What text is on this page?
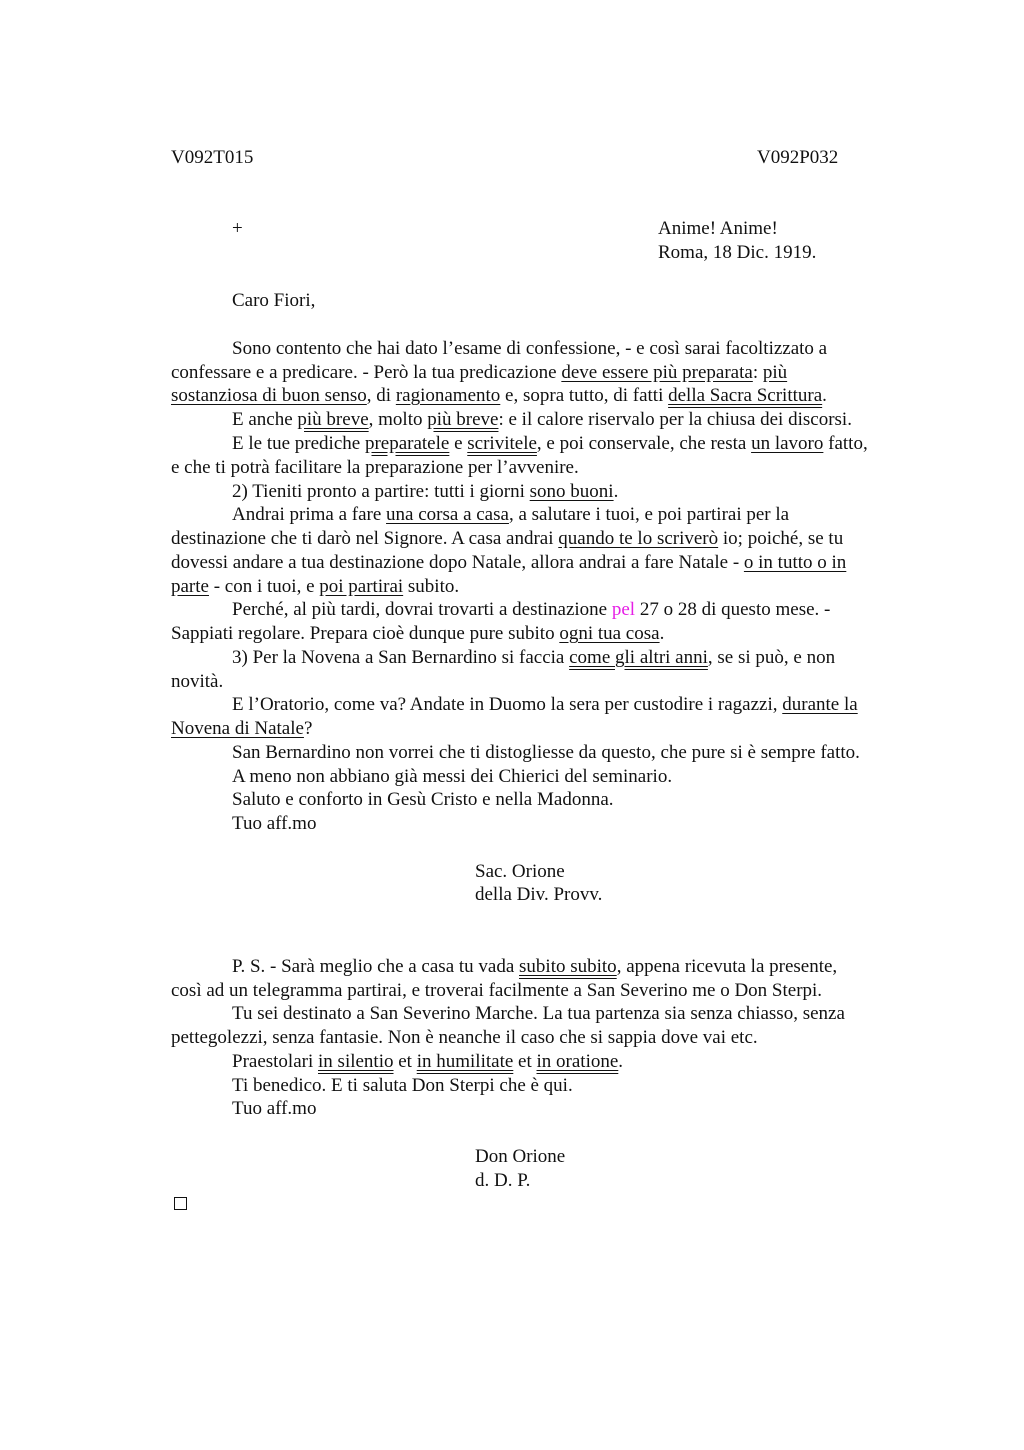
V092T015	V092P032
+	Anime! Anime!
Roma, 18 Dic. 1919.
Caro Fiori,
Sono contento che hai dato l’esame di confessione, - e così sarai facoltizzato a
confessare e a predicare. - Però la tua predicazione deve essere più preparata: più
sostanziosa di buon senso, di ragionamento e, sopra tutto, di fatti della Sacra Scrittura.
E anche più breve, molto più breve: e il calore riservalo per la chiusa dei discorsi.
E le tue prediche preparatele e scrivitele, e poi conservale, che resta un lavoro fatto,
e che ti potrà facilitare la preparazione per l’avvenire.
2) Tieniti pronto a partire: tutti i giorni sono buoni.
Andrai prima a fare una corsa a casa, a salutare i tuoi, e poi partirai per la
destinazione che ti darò nel Signore. A casa andrai quando te lo scriverò io; poiché, se tu
dovessi andare a tua destinazione dopo Natale, allora andrai a fare Natale - o in tutto o in
parte - con i tuoi, e poi partirai subito.
Perché, al più tardi, dovrai trovarti a destinazione pel 27 o 28 di questo mese. -
Sappiati regolare. Prepara cioè dunque pure subito ogni tua cosa.
3) Per la Novena a San Bernardino si faccia come gli altri anni, se si può, e non
novità.
E l’Oratorio, come va? Andate in Duomo la sera per custodire i ragazzi, durante la
Novena di Natale?
San Bernardino non vorrei che ti distogliesse da questo, che pure si è sempre fatto.
A meno non abbiano già messi dei Chierici del seminario.
Saluto e conforto in Gesù Cristo e nella Madonna.
Tuo aff.mo
Sac. Orione
della Div. Provv.
P. S. - Sarà meglio che a casa tu vada subito subito, appena ricevuta la presente,
così ad un telegramma partirai, e troverai facilmente a San Severino me o Don Sterpi.
Tu sei destinato a San Severino Marche. La tua partenza sia senza chiasso, senza
pettegolezzi, senza fantasie. Non è neanche il caso che si sappia dove vai etc.
Praestolari in silentio et in humilitate et in oratione.
Ti benedico. E ti saluta Don Sterpi che è qui.
Tuo aff.mo
Don Orione
d. D. P.
